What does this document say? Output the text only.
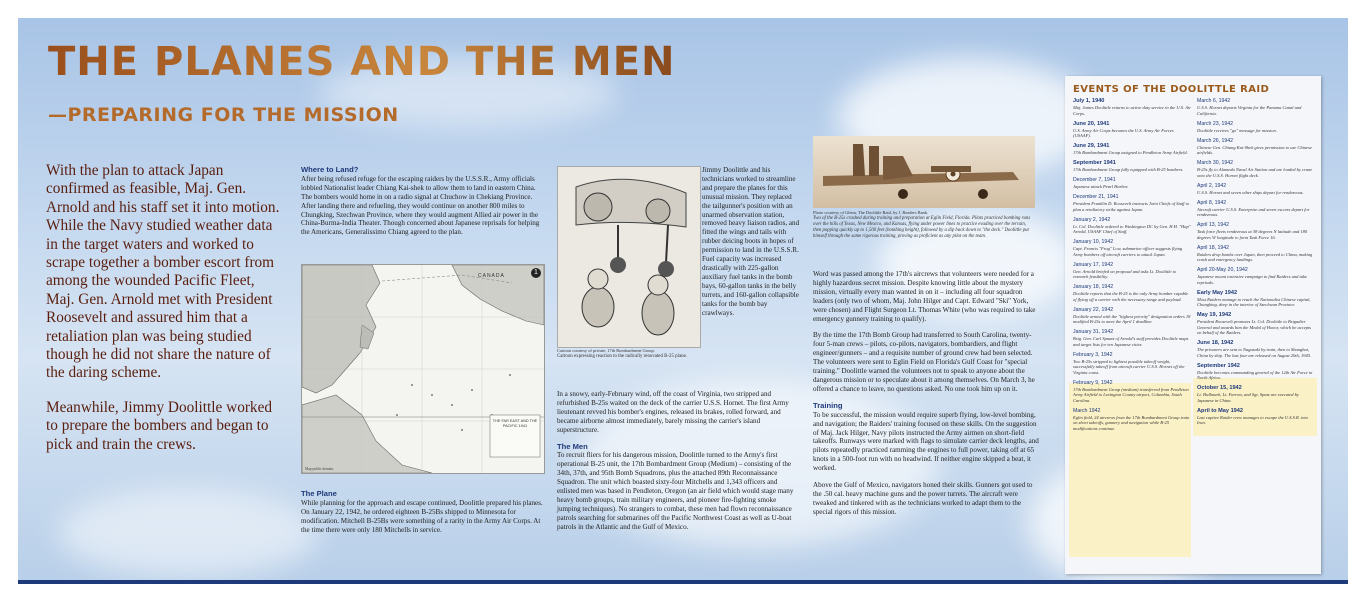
THE PLANES AND THE MEN
—PREPARING FOR THE MISSION

With the plan to attack Japan confirmed as feasible, Maj. Gen. Arnold and his staff set it into motion. While the Navy studied weather data in the target waters and worked to scrape together a bomber escort from among the wounded Pacific Fleet, Maj. Gen. Arnold met with President Roosevelt and assured him that a retaliation plan was being studied though he did not share the nature of the daring scheme.

Meanwhile, Jimmy Doolittle worked to prepare the bombers and began to pick and train the crews.

Where to Land?

After being refused refuge for the escaping raiders by the U.S.S.R., Army officials lobbied Nationalist leader Chiang Kai-shek to allow them to land in eastern China. The bombers would home in on a radio signal at Chuchow in Chekiang Province. After landing there and refueling, they would continue on another 800 miles to Chungking, Szechwan Province, where they would augment Allied air power in the China-Burma-India Theater. Though concerned about Japanese reprisals for helping the Americans, Generalissimo Chiang agreed to the plan.

1
CANADA
THE FAR EAST AND THE PACIFIC 1941
Map public domain.
The Plane

While planning for the approach and escape continued, Doolittle prepared his planes. On January 22, 1942, he ordered eighteen B-25Bs shipped to Minnesota for modification. Mitchell B-25Bs were something of a rarity in the Army Air Corps. At the time there were only 180 Mitchells in service.

Cartoon courtesy of private, 17th Bombardment Group.
Cartoon expressing reaction to the radically renovated B-25 plane.

Jimmy Doolittle and his technicians worked to streamline and prepare the planes for this unusual mission. They replaced the tailgunner's position with an unarmed observation station, removed heavy liaison radios, and fitted the wings and tails with rubber deicing boots in hopes of permission to land in the U.S.S.R. Fuel capacity was increased drastically with 225-gallon auxiliary fuel tanks in the bomb bays, 60-gallon tanks in the belly turrets, and 160-gallon collapsible tanks for the bomb bay crawlways.

In a snowy, early-February wind, off the coast of Virginia, two stripped and refurbished B-25s waited on the deck of the carrier U.S.S. Hornet. The first Army lieutenant revved his bomber's engines, released its brakes, rolled forward, and became airborne almost immediately, barely missing the carrier's island superstructure.

The Men

To recruit fliers for his dangerous mission, Doolittle turned to the Army's first operational B-25 unit, the 17th Bombardment Group (Medium) – consisting of the 34th, 37th, and 95th Bomb Squadrons, plus the attached 89th Reconnaissance Squadron. The unit which boasted sixty-four Mitchells and 1,343 officers and enlisted men was based in Pendleton, Oregon (an air field which would stage many heavy bomb groups, train military engineers, and pioneer fire-fighting smoke jumping techniques). No strangers to combat, these men had flown reconnaissance patrols searching for submarines off the Pacific Northwest Coast as well as U-boat patrols in the Atlantic and the Gulf of Mexico.

Photo courtesy of Glenn, The Doolittle Raid, by J. Readers Bank.
Two of the B-25s crashed during training and preparation at Eglin Field, Florida. Pilots practiced bombing runs over the hills of Texas, New Mexico, and Kansas, flying under power lines to practice evading over the terrain, then popping quickly up to 1,500 feet (bombing height), followed by a dip back down to "the deck." Doolittle put himself through the same rigorous training, proving as proficient as any pilot on the team.

Word was passed among the 17th's aircrews that volunteers were needed for a highly hazardous secret mission. Despite knowing little about the mystery mission, virtually every man wanted in on it – including all four squadron leaders (only two of whom, Maj. John Hilger and Capt. Edward "Ski" York, were chosen) and Flight Surgeon Lt. Thomas White (who was required to take emergency gunnery training to qualify).

By the time the 17th Bomb Group had transferred to South Carolina, twenty-four 5-man crews – pilots, co-pilots, navigators, bombardiers, and flight engineer/gunners – and a requisite number of ground crew had been selected. The volunteers were sent to Eglin Field on Florida's Gulf Coast for "special training." Doolittle warned the volunteers not to speak to anyone about the dangerous mission or to speculate about it among themselves. On March 3, he offered a chance to leave, no questions asked. No one took him up on it.

Training

To be successful, the mission would require superb flying, low-level bombing, and navigation; the Raiders' training focused on these skills. On the suggestion of Maj. Jack Hilger, Navy pilots instructed the Army airmen on short-field takeoffs. Runways were marked with flags to simulate carrier deck lengths, and pilots repeatedly practiced ramming the engines to full power, taking off at 65 knots in a 500-foot run with no headwind. If neither engine skipped a beat, it worked.

Above the Gulf of Mexico, navigators honed their skills. Gunners got used to the .50 cal. heavy machine guns and the power turrets. The aircraft were tweaked and tinkered with as the technicians worked to adapt them to the special rigors of this mission.

EVENTS OF THE DOOLITTLE RAID
July 1, 1940
Maj. James Doolittle returns to active duty service in the U.S. Air Corps.
June 20, 1941
U.S. Army Air Corps becomes the U.S. Army Air Forces (USAAF).
June 29, 1941
17th Bombardment Group assigned to Pendleton Army Airfield.
September 1941
17th Bombardment Group fully equipped with B-25 bombers.
December 7, 1941
Japanese attack Pearl Harbor.
December 21, 1941
President Franklin D. Roosevelt instructs Joint Chiefs of Staff to plan a retaliatory strike against Japan.
January 2, 1942
Lt. Col. Doolittle ordered to Washington DC by Gen. H.H. "Hap" Arnold, USAAF Chief of Staff.
January 10, 1942
Capt. Francis "Frog" Low, submarine officer suggests flying Army bombers off aircraft carriers to attack Japan.
January 17, 1942
Gen. Arnold briefed on proposal and asks Lt. Doolittle to research feasibility.
January 18, 1942
Doolittle reports that the B-25 is the only Army bomber capable of flying off a carrier with the necessary range and payload.
January 22, 1942
Doolittle armed with the "highest priority" designation orders 18 modified B-25s to meet the April 1 deadline.
January 31, 1942
Brig. Gen. Carl Spaatz of Arnold's staff provides Doolittle maps and target lists for ten Japanese cities.
February 3, 1942
Two B-25s stripped to lightest possible takeoff weight, successfully takeoff from aircraft carrier U.S.S. Hornet off the Virginia coast.
February 9, 1942
17th Bombardment Group (medium) transferred from Pendleton Army Airfield to Lexington County airport, Columbia, South Carolina.
March 1942
Eglin field, 24 aircrews from the 17th Bombardment Group train on short takeoffs, gunnery and navigation while B-25 modifications continue.
March 6, 1942
U.S.S. Hornet departs Virginia for the Panama Canal and California.
March 23, 1942
Doolittle receives "go" message for mission.
March 26, 1942
Chinese Gen. Chiang Kai-Shek gives permission to use Chinese airfields.
March 30, 1942
B-25s fly to Alameda Naval Air Station and are loaded by crane onto the U.S.S. Hornet flight deck.
April 2, 1942
U.S.S. Hornet and seven other ships depart for rendezvous.
April 8, 1942
Aircraft carrier U.S.S. Enterprise and seven escorts depart for rendezvous.
April 13, 1942
Task force fleets rendezvous at 38 degrees N latitude and 180 degrees W longitude to form Task Force 16.
April 18, 1942
Raiders drop bombs over Japan, then proceed to China, making crash and emergency landings.
April 20-May 20, 1942
Japanese mount extensive campaign to find Raiders and take reprisals.
Early May 1942
Most Raiders manage to reach the Nationalist Chinese capital, Chungking, deep in the interior of Szechwan Province.
May 19, 1942
President Roosevelt promotes Lt. Col. Doolittle to Brigadier General and awards him the Medal of Honor, which he accepts on behalf of the Raiders.
June 18, 1942
The prisoners are sent to Nagasaki by train, then to Shanghai, China by ship. The last four are released on August 20th, 1945.
September 1942
Doolittle becomes commanding general of the 12th Air Force in North Africa.
October 15, 1942
Lt. Hallmark, Lt. Farrow, and Sgt. Spatz are executed by Japanese in China.
April to May 1942
Last captive Raider crew manages to escape the U.S.S.R. into Iran.
